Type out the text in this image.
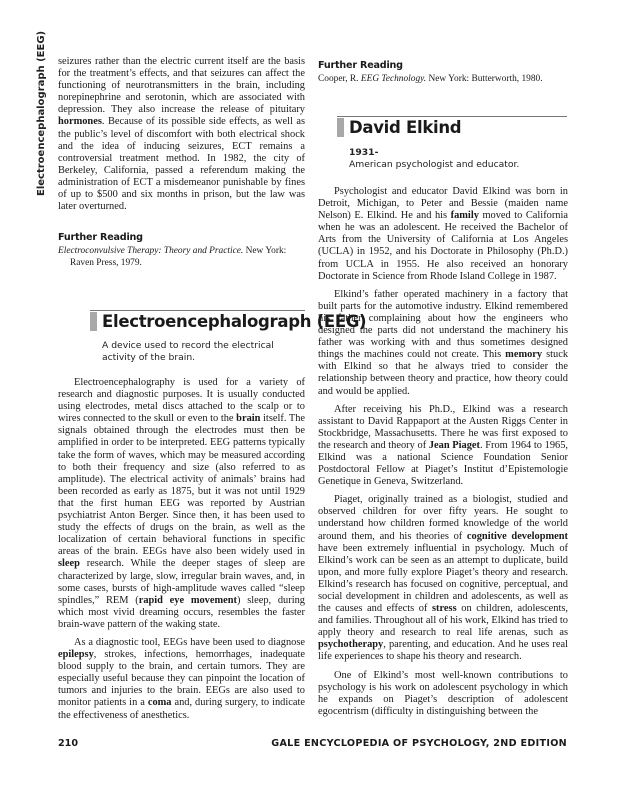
Electroencephalograph (EEG) seizures rather than the electric current itself are the basis for the treatment’s effects, and that seizures can affect the functioning of neurotransmitters in the brain, including norepinephrine and serotonin, which are associated with depression. They also increase the release of pituitary hormones. Because of its possible side effects, as well as the public’s level of discomfort with both electrical shock and the idea of inducing seizures, ECT remains a controversial treatment method. In 1982, the city of Berkeley, California, passed a referendum making the administration of ECT a misdemeanor punishable by fines of up to $500 and six months in prison, but the law was later overturned.

Further Reading
Electroconvulsive Therapy: Theory and Practice. New York: Raven Press, 1979.
Electroencephalograph (EEG)
A device used to record the electrical activity of the brain.

Electroencephalography is used for a variety of research and diagnostic purposes. It is usually conducted using electrodes, metal discs attached to the scalp or to wires connected to the skull or even to the brain itself. The signals obtained through the electrodes must then be amplified in order to be interpreted. EEG patterns typically take the form of waves, which may be measured according to both their frequency and size (also referred to as amplitude). The electrical activity of animals’ brains had been recorded as early as 1875, but it was not until 1929 that the first human EEG was reported by Austrian psychiatrist Anton Berger. Since then, it has been used to study the effects of drugs on the brain, as well as the localization of certain behavioral functions in specific areas of the brain. EEGs have also been widely used in sleep research. While the deeper stages of sleep are characterized by large, slow, irregular brain waves, and, in some cases, bursts of high-amplitude waves called “sleep spindles,” REM (rapid eye movement) sleep, during which most vivid dreaming occurs, resembles the faster brain-wave pattern of the waking state.

As a diagnostic tool, EEGs have been used to diagnose epilepsy, strokes, infections, hemorrhages, inadequate blood supply to the brain, and certain tumors. They are especially useful because they can pinpoint the location of tumors and injuries to the brain. EEGs are also used to monitor patients in a coma and, during surgery, to indicate the effectiveness of anesthetics.

Further Reading
Cooper, R. EEG Technology. New York: Butterworth, 1980.
David Elkind
1931-
American psychologist and educator.

Psychologist and educator David Elkind was born in Detroit, Michigan, to Peter and Bessie (maiden name Nelson) E. Elkind. He and his family moved to California when he was an adolescent. He received the Bachelor of Arts from the University of California at Los Angeles (UCLA) in 1952, and his Doctorate in Philosophy (Ph.D.) from UCLA in 1955. He also received an honorary Doctorate in Science from Rhode Island College in 1987.

Elkind’s father operated machinery in a factory that built parts for the automotive industry. Elkind remembered his father complaining about how the engineers who designed the parts did not understand the machinery his father was working with and thus sometimes designed things the machines could not create. This memory stuck with Elkind so that he always tried to consider the relationship between theory and practice, how theory could and would be applied.

After receiving his Ph.D., Elkind was a research assistant to David Rappaport at the Austen Riggs Center in Stockbridge, Massachusetts. There he was first exposed to the research and theory of Jean Piaget. From 1964 to 1965, Elkind was a national Science Foundation Senior Postdoctoral Fellow at Piaget’s Institut d’Epistemologie Genetique in Geneva, Switzerland.

Piaget, originally trained as a biologist, studied and observed children for over fifty years. He sought to understand how children formed knowledge of the world around them, and his theories of cognitive development have been extremely influential in psychology. Much of Elkind’s work can be seen as an attempt to duplicate, build upon, and more fully explore Piaget’s theory and research. Elkind’s research has focused on cognitive, perceptual, and social development in children and adolescents, as well as the causes and effects of stress on children, adolescents, and families. Throughout all of his work, Elkind has tried to apply theory and research to real life arenas, such as psychotherapy, parenting, and education. And he uses real life experiences to shape his theory and research.

One of Elkind’s most well-known contributions to psychology is his work on adolescent psychology in which he expands on Piaget’s description of adolescent egocentrism (difficulty in distinguishing between the

210	GALE ENCYCLOPEDIA OF PSYCHOLOGY, 2ND EDITION
